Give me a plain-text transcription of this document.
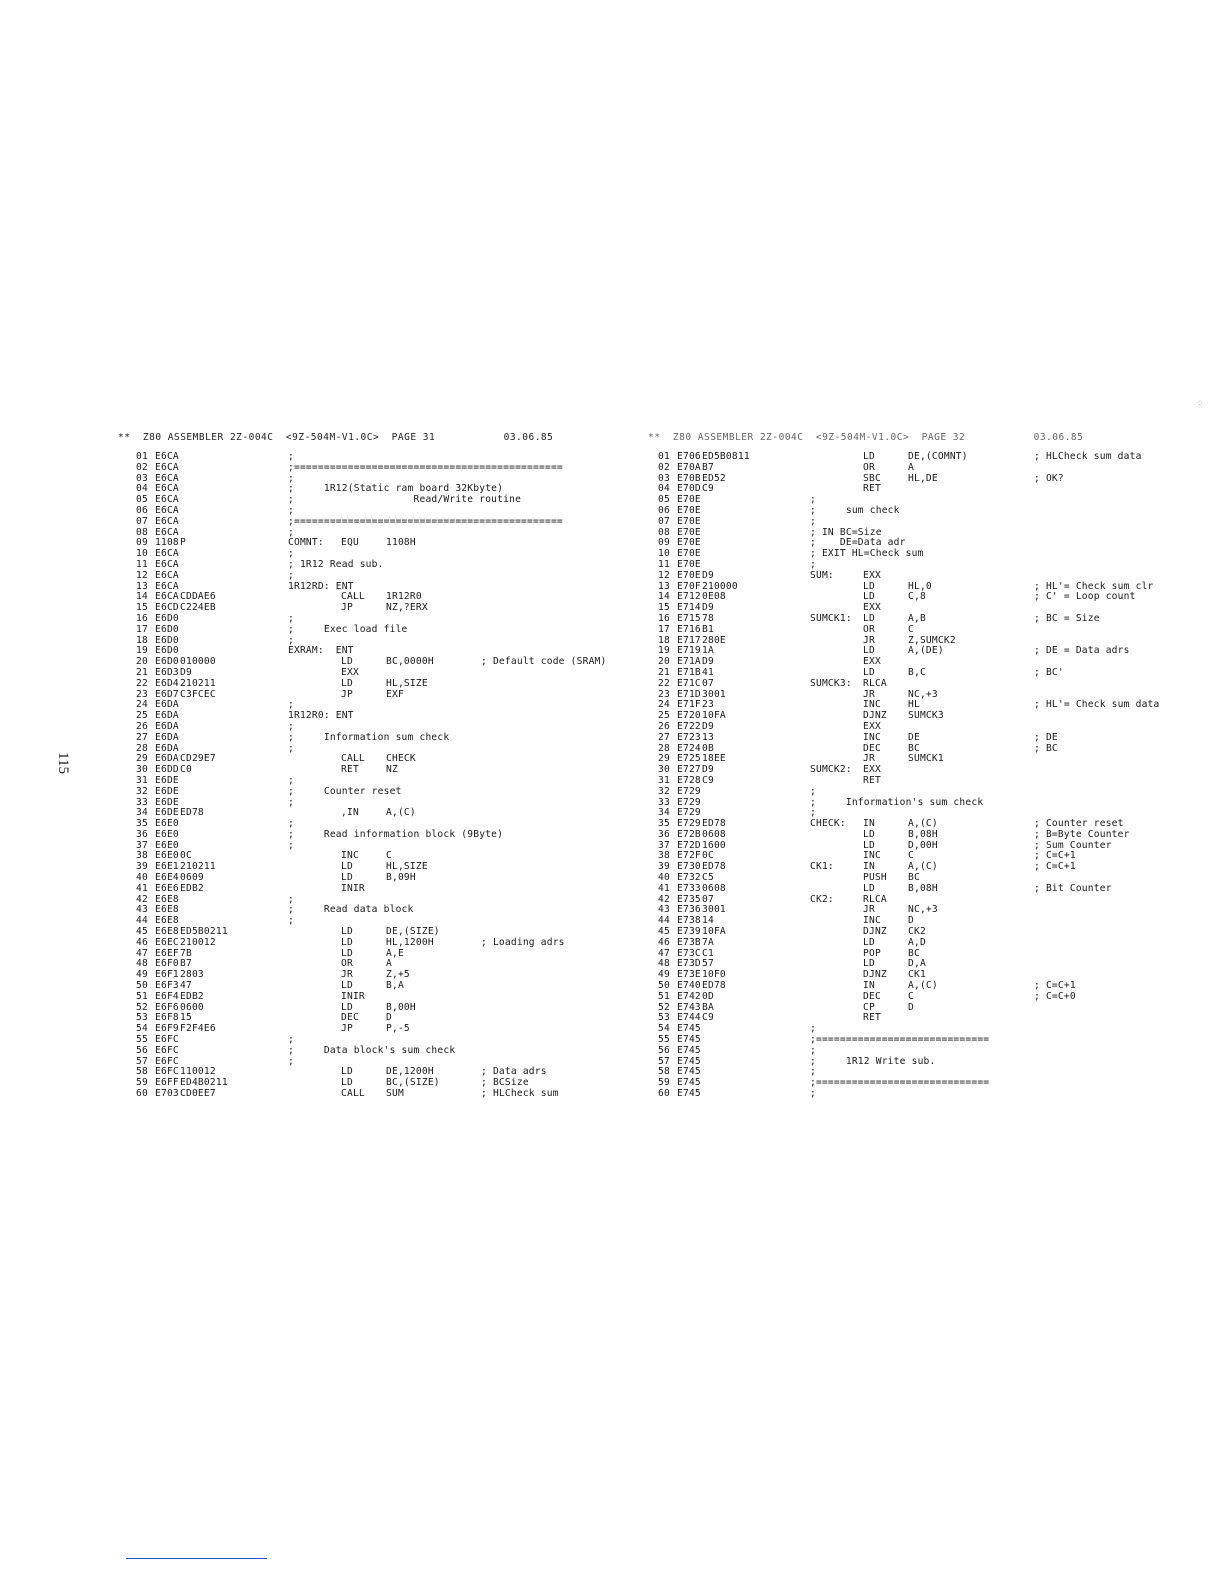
**  Z80 ASSEMBLER 2Z-004C  <9Z-504M-V1.0C>  PAGE 31           03.06.85	**  Z80 ASSEMBLER 2Z-004C  <9Z-504M-V1.0C>  PAGE 32           03.06.85
01 E6CA	;
02 E6CA	;=============================================
03 E6CA	;
04 E6CA	;     1R12(Static ram board 32Kbyte)
05 E6CA	;                    Read/Write routine
06 E6CA	;
07 E6CA	;=============================================
08 E6CA	;
09 1108 P	COMNT: EQU	1108H
10 E6CA	;
11 E6CA	; 1R12 Read sub.
12 E6CA	;
13 E6CA	1R12RD: ENT
14 E6CA CDDAE6	CALL 1R12R0
15 E6CD C224EB	JP	NZ,?ERX
16 E6D0	;
17 E6D0	;     Exec load file
18 E6D0	;
19 E6D0	EXRAM:  ENT
20 E6D0 010000	LD	BC,0000H	; Default code (SRAM)
21 E6D3 D9	EXX
22 E6D4 210211	LD	HL,SIZE
23 E6D7 C3FCEC	JP	EXF
24 E6DA	;
25 E6DA	1R12R0: ENT
26 E6DA	;
27 E6DA	;     Information sum check
28 E6DA	;
29 E6DA CD29E7	CALL CHECK
30 E6DD C0	RET	NZ
31 E6DE	;
32 E6DE	;     Counter reset
33 E6DE	;
34 E6DE ED78	,IN	A,(C)
35 E6E0	;
36 E6E0	;     Read information block (9Byte)
37 E6E0	;
38 E6E0 0C	INC	C
39 E6E1 210211	LD	HL,SIZE
40 E6E4 0609	LD	B,09H
41 E6E6 EDB2	INIR
42 E6E8	;
43 E6E8	;     Read data block
44 E6E8	;
45 E6E8 ED5B0211	LD	DE,(SIZE)
46 E6EC 210012	LD	HL,1200H	; Loading adrs
47 E6EF 7B	LD	A,E
48 E6F0 B7	OR	A
49 E6F1 2803	JR	Z,+5
50 E6F3 47	LD	B,A
51 E6F4 EDB2	INIR
52 E6F6 0600	LD	B,00H
53 E6F8 15	DEC	D
54 E6F9 F2F4E6	JP	P,-5
55 E6FC	;
56 E6FC	;     Data block's sum check
57 E6FC	;
58 E6FC 110012	LD	DE,1200H	; Data adrs
59 E6FF ED4B0211	LD	BC,(SIZE)	; BCSize
60 E703 CD0EE7	CALL SUM	; HLCheck sum
01 E706 ED5B0811	LD	DE,(COMNT)	; HLCheck sum data
02 E70A B7	OR	A
03 E70B ED52	SBC	HL,DE	; OK?
04 E70D C9	RET
05 E70E	;
06 E70E	;     sum check
07 E70E	;
08 E70E	; IN BC=Size
09 E70E	;    DE=Data adr
10 E70E	; EXIT HL=Check sum
11 E70E	;
12 E70E D9	SUM:	EXX
13 E70F 210000	LD	HL,0	; HL'= Check sum clr
14 E712 0E08	LD	C,8	; C' = Loop count
15 E714 D9	EXX
16 E715 78	SUMCK1: LD	A,B	; BC = Size
17 E716 B1	OR	C
18 E717 280E	JR	Z,SUMCK2
19 E719 1A	LD	A,(DE)	; DE = Data adrs
20 E71A D9	EXX
21 E71B 41	LD	B,C	; BC'
22 E71C 07	SUMCK3: RLCA
23 E71D 3001	JR	NC,+3
24 E71F 23	INC	HL	; HL'= Check sum data
25 E720 10FA	DJNZ SUMCK3
26 E722 D9	EXX
27 E723 13	INC	DE	; DE
28 E724 0B	DEC	BC	; BC
29 E725 18EE	JR	SUMCK1
30 E727 D9	SUMCK2: EXX
31 E728 C9	RET
32 E729	;
33 E729	;     Information's sum check
34 E729	;
35 E729 ED78	CHECK: IN	A,(C)	; Counter reset
36 E72B 0608	LD	B,08H	; B=Byte Counter
37 E72D 1600	LD	D,00H	; Sum Counter
38 E72F 0C	INC	C	; C=C+1
39 E730 ED78	CK1:	IN	A,(C)	; C=C+1
40 E732 C5	PUSH BC
41 E733 0608	LD	B,08H	; Bit Counter
42 E735 07	CK2:	RLCA
43 E736 3001	JR	NC,+3
44 E738 14	INC	D
45 E739 10FA	DJNZ CK2
46 E73B 7A	LD	A,D
47 E73C C1	POP	BC
48 E73D 57	LD	D,A
49 E73E 10F0	DJNZ CK1
50 E740 ED78	IN	A,(C)	; C=C+1
51 E742 0D	DEC	C	; C=C+0
52 E743 BA	CP	D
53 E744 C9	RET
54 E745	;
55 E745	;=============================
56 E745	;
57 E745	;     1R12 Write sub.
58 E745	;
59 E745	;=============================
60 E745	;
115
⁘
